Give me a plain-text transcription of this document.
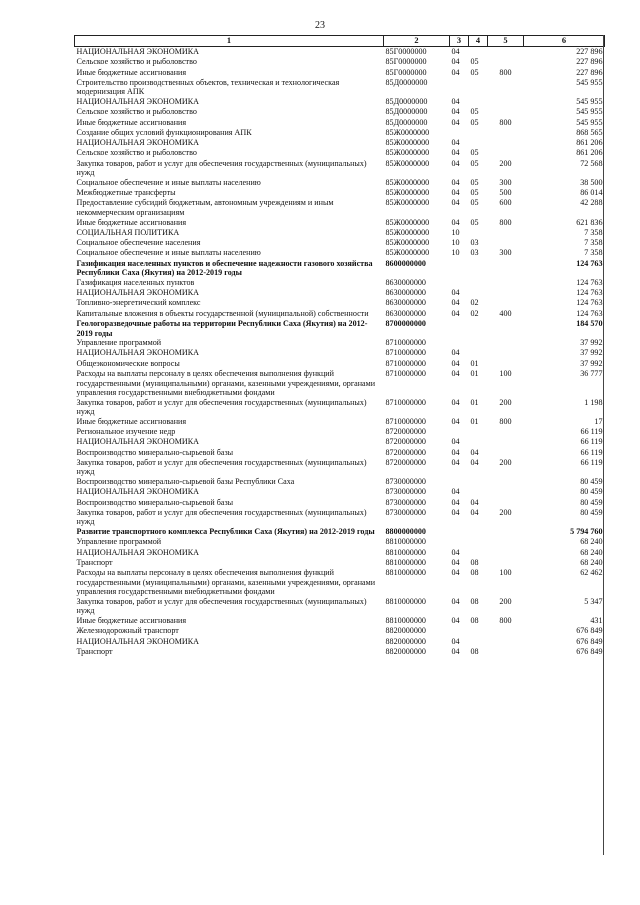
23
1	2	3	4	5	6
НАЦИОНАЛЬНАЯ ЭКОНОМИКА	85Г0000000	04			227 896
Сельское хозяйство и рыболовство	85Г0000000	04	05		227 896
Иные бюджетные ассигнования	85Г0000000	04	05	800	227 896
Строительство производственных объектов, техническая и технологическая модернизация АПК	85Д0000000				545 955
НАЦИОНАЛЬНАЯ ЭКОНОМИКА	85Д0000000	04			545 955
Сельское хозяйство и рыболовство	85Д0000000	04	05		545 955
Иные бюджетные ассигнования	85Д0000000	04	05	800	545 955
Создание общих условий функционирования АПК	85Ж0000000				868 565
НАЦИОНАЛЬНАЯ ЭКОНОМИКА	85Ж0000000	04			861 206
Сельское хозяйство и рыболовство	85Ж0000000	04	05		861 206
Закупка товаров, работ и услуг для обеспечения государственных (муниципальных) нужд	85Ж0000000	04	05	200	72 568
Социальное обеспечение и иные выплаты населению	85Ж0000000	04	05	300	38 500
Межбюджетные трансферты	85Ж0000000	04	05	500	86 014
Предоставление субсидий бюджетным, автономным учреждениям и иным некоммерческим организациям	85Ж0000000	04	05	600	42 288
Иные бюджетные ассигнования	85Ж0000000	04	05	800	621 836
СОЦИАЛЬНАЯ ПОЛИТИКА	85Ж0000000	10			7 358
Социальное обеспечение населения	85Ж0000000	10	03		7 358
Социальное обеспечение и иные выплаты населению	85Ж0000000	10	03	300	7 358
Газификация населенных пунктов и обеспечение надежности газового хозяйства Республики Саха (Якутия) на 2012-2019 годы	8600000000				124 763
Газификация населенных пунктов	8630000000				124 763
НАЦИОНАЛЬНАЯ ЭКОНОМИКА	8630000000	04			124 763
Топливно-энергетический комплекс	8630000000	04	02		124 763
Капитальные вложения в объекты государственной (муниципальной) собственности	8630000000	04	02	400	124 763
Геологоразведочные работы на территории Республики Саха (Якутия) на 2012-2019 годы	8700000000				184 570
Управление программой	8710000000				37 992
НАЦИОНАЛЬНАЯ ЭКОНОМИКА	8710000000	04			37 992
Общеэкономические вопросы	8710000000	04	01		37 992
Расходы на выплаты персоналу в целях обеспечения выполнения функций государственными (муниципальными) органами, казенными учреждениями, органами управления государственными внебюджетными фондами	8710000000	04	01	100	36 777
Закупка товаров, работ и услуг для обеспечения государственных (муниципальных) нужд	8710000000	04	01	200	1 198
Иные бюджетные ассигнования	8710000000	04	01	800	17
Региональное изучение недр	8720000000				66 119
НАЦИОНАЛЬНАЯ ЭКОНОМИКА	8720000000	04			66 119
Воспроизводство минерально-сырьевой базы	8720000000	04	04		66 119
Закупка товаров, работ и услуг для обеспечения государственных (муниципальных) нужд	8720000000	04	04	200	66 119
Воспроизводство минерально-сырьевой базы Республики Саха	8730000000				80 459
НАЦИОНАЛЬНАЯ ЭКОНОМИКА	8730000000	04			80 459
Воспроизводство минерально-сырьевой базы	8730000000	04	04		80 459
Закупка товаров, работ и услуг для обеспечения государственных (муниципальных) нужд	8730000000	04	04	200	80 459
Развитие транспортного комплекса Республики Саха (Якутия) на 2012-2019 годы	8800000000				5 794 760
Управление программой	8810000000				68 240
НАЦИОНАЛЬНАЯ ЭКОНОМИКА	8810000000	04			68 240
Транспорт	8810000000	04	08		68 240
Расходы на выплаты персоналу в целях обеспечения выполнения функций государственными (муниципальными) органами, казенными учреждениями, органами управления государственными внебюджетными фондами	8810000000	04	08	100	62 462
Закупка товаров, работ и услуг для обеспечения государственных (муниципальных) нужд	8810000000	04	08	200	5 347
Иные бюджетные ассигнования	8810000000	04	08	800	431
Железнодорожный транспорт	8820000000				676 849
НАЦИОНАЛЬНАЯ ЭКОНОМИКА	8820000000	04			676 849
Транспорт	8820000000	04	08		676 849
